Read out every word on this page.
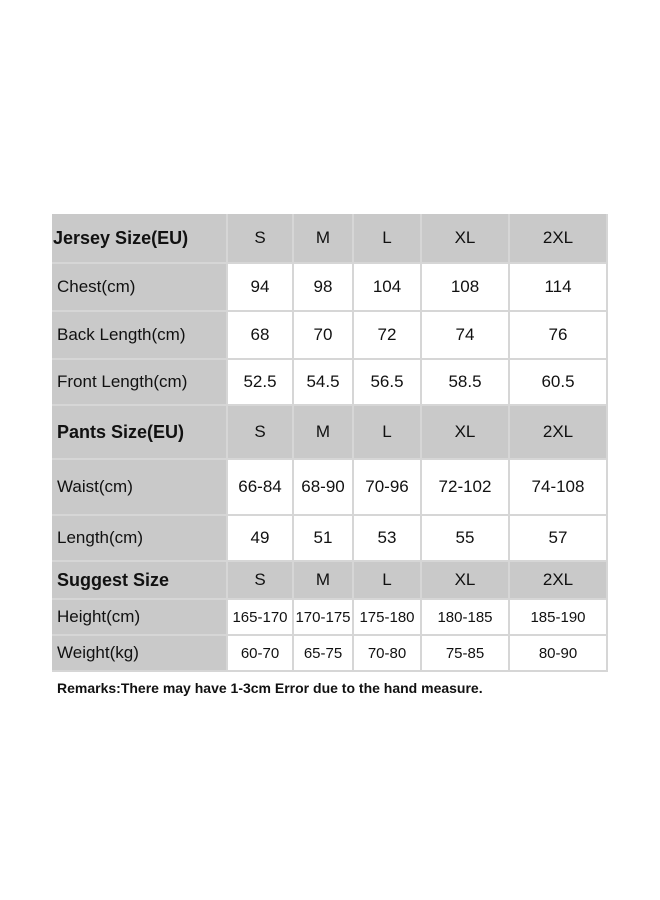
Jersey Size(EU)	S	M	L	XL	2XL
Chest(cm)	94	98	104	108	114
Back Length(cm)	68	70	72	74	76
Front Length(cm)	52.5	54.5	56.5	58.5	60.5
Pants Size(EU)	S	M	L	XL	2XL
Waist(cm)	66-84	68-90	70-96	72-102	74-108
Length(cm)	49	51	53	55	57
Suggest Size	S	M	L	XL	2XL
Height(cm)	165-170	170-175	175-180	180-185	185-190
Weight(kg)	60-70	65-75	70-80	75-85	80-90
Remarks:There may have 1-3cm Error due to the hand measure.
